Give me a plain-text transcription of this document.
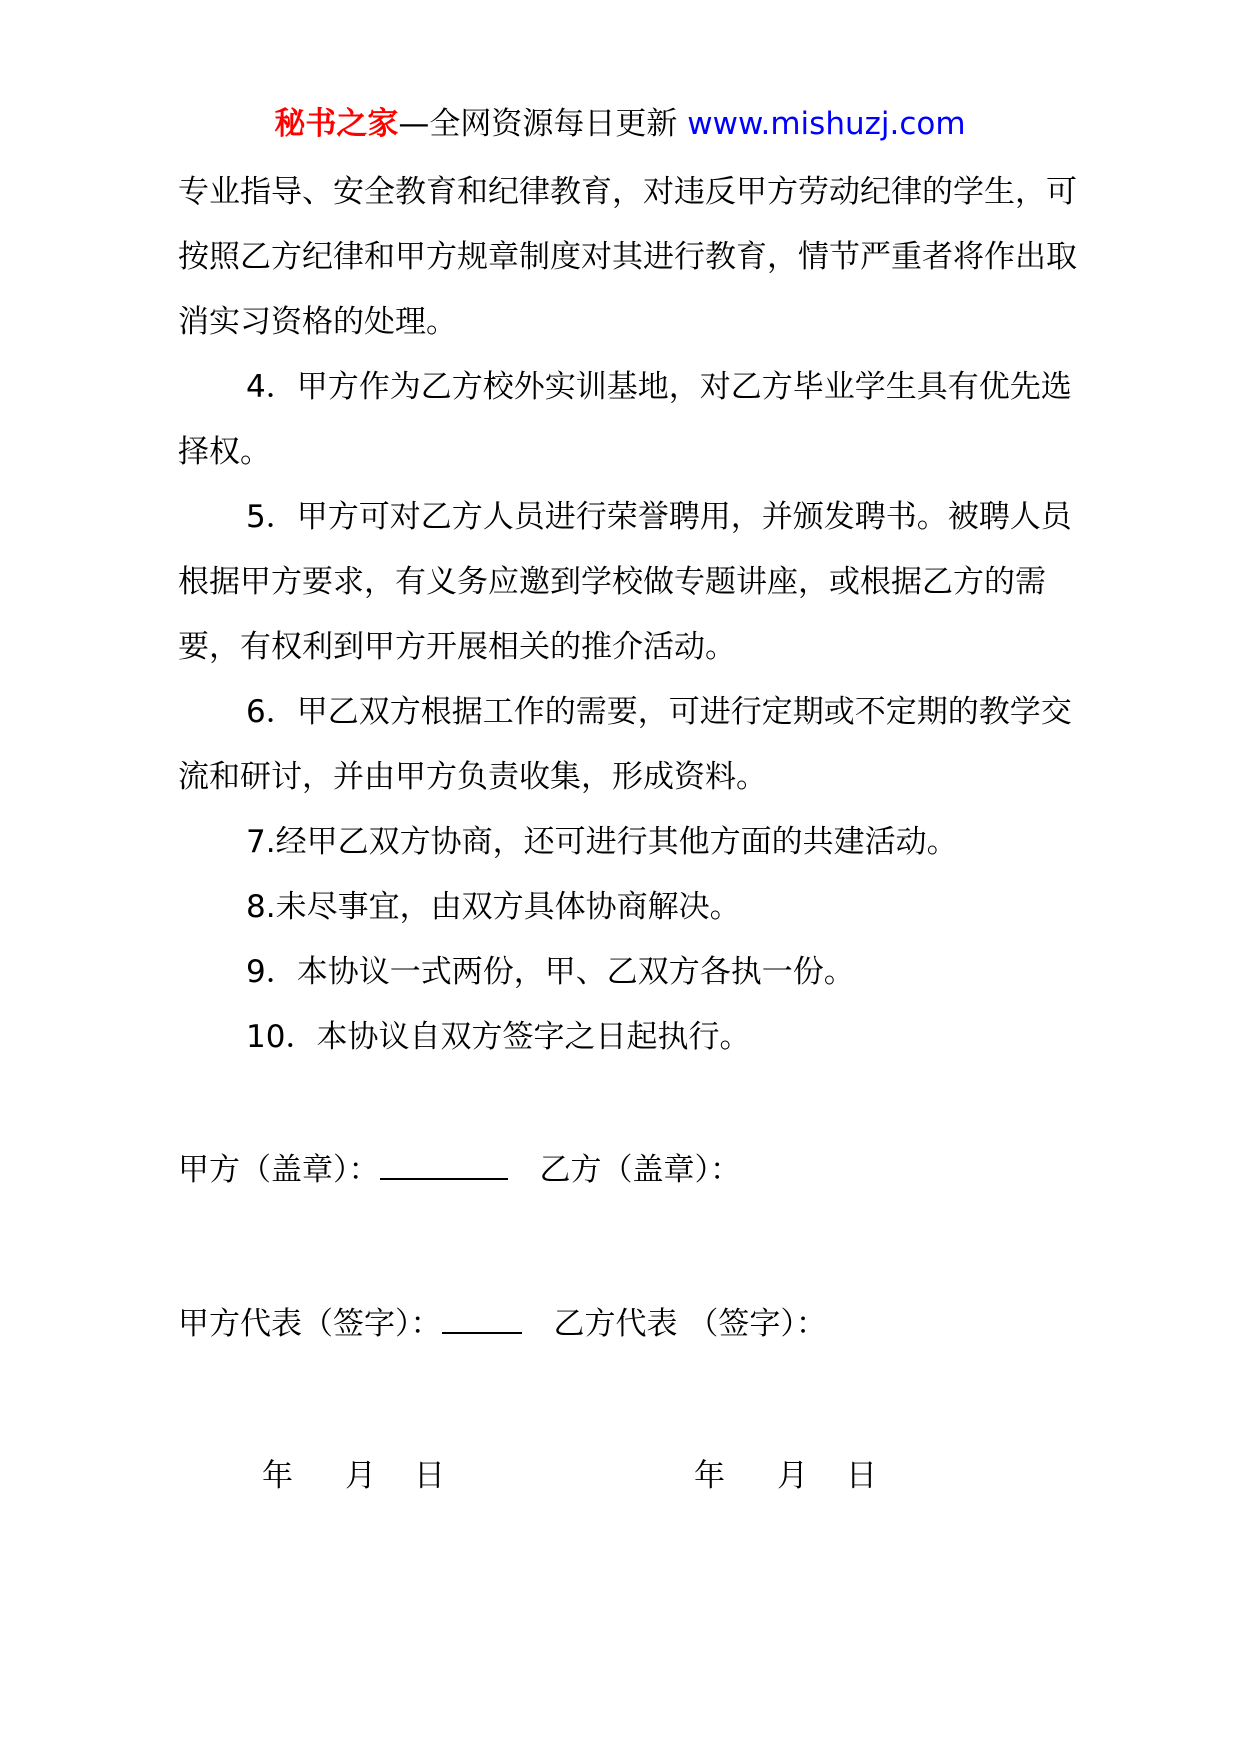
秘书之家—全网资源每日更新 www.mishuzj.com

专业指导、安全教育和纪律教育，对违反甲方劳动纪律的学生，可按照乙方纪律和甲方规章制度对其进行教育，情节严重者将作出取消实习资格的处理。

4．甲方作为乙方校外实训基地，对乙方毕业学生具有优先选择权。

5．甲方可对乙方人员进行荣誉聘用，并颁发聘书。被聘人员根据甲方要求，有义务应邀到学校做专题讲座，或根据乙方的需要，有权利到甲方开展相关的推介活动。

6．甲乙双方根据工作的需要，可进行定期或不定期的教学交流和研讨，并由甲方负责收集，形成资料。

7.经甲乙双方协商，还可进行其他方面的共建活动。

8.未尽事宜，由双方具体协商解决。

9．本协议一式两份，甲、乙双方各执一份。

10．本协议自双方签字之日起执行。

甲方（盖章）：	乙方（盖章）：
甲方代表（签字）：	乙方代表 （签字）：
年 月 日	年 月 日
